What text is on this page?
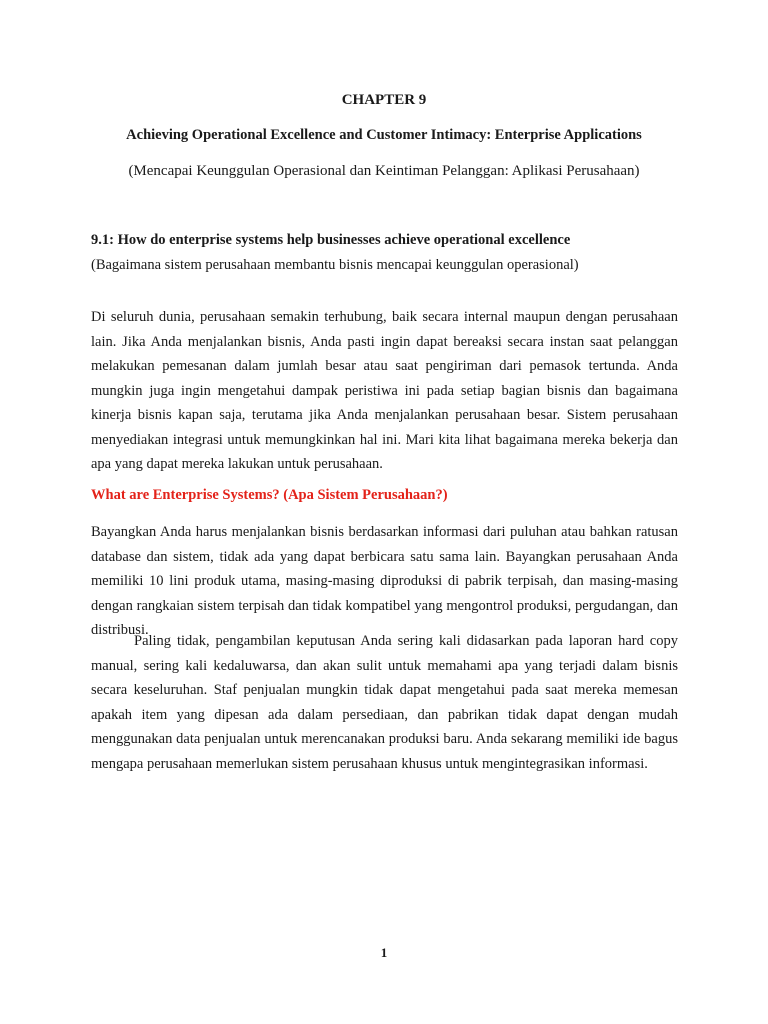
CHAPTER 9
Achieving Operational Excellence and Customer Intimacy: Enterprise Applications
(Mencapai Keunggulan Operasional dan Keintiman Pelanggan: Aplikasi Perusahaan)
9.1: How do enterprise systems help businesses achieve operational excellence
(Bagaimana sistem perusahaan membantu bisnis mencapai keunggulan operasional)
Di seluruh dunia, perusahaan semakin terhubung, baik secara internal maupun dengan perusahaan lain. Jika Anda menjalankan bisnis, Anda pasti ingin dapat bereaksi secara instan saat pelanggan melakukan pemesanan dalam jumlah besar atau saat pengiriman dari pemasok tertunda. Anda mungkin juga ingin mengetahui dampak peristiwa ini pada setiap bagian bisnis dan bagaimana kinerja bisnis kapan saja, terutama jika Anda menjalankan perusahaan besar. Sistem perusahaan menyediakan integrasi untuk memungkinkan hal ini. Mari kita lihat bagaimana mereka bekerja dan apa yang dapat mereka lakukan untuk perusahaan.
What are Enterprise Systems? (Apa Sistem Perusahaan?)
Bayangkan Anda harus menjalankan bisnis berdasarkan informasi dari puluhan atau bahkan ratusan database dan sistem, tidak ada yang dapat berbicara satu sama lain. Bayangkan perusahaan Anda memiliki 10 lini produk utama, masing-masing diproduksi di pabrik terpisah, dan masing-masing dengan rangkaian sistem terpisah dan tidak kompatibel yang mengontrol produksi, pergudangan, dan distribusi.
Paling tidak, pengambilan keputusan Anda sering kali didasarkan pada laporan hard copy manual, sering kali kedaluwarsa, dan akan sulit untuk memahami apa yang terjadi dalam bisnis secara keseluruhan. Staf penjualan mungkin tidak dapat mengetahui pada saat mereka memesan apakah item yang dipesan ada dalam persediaan, dan pabrikan tidak dapat dengan mudah menggunakan data penjualan untuk merencanakan produksi baru. Anda sekarang memiliki ide bagus mengapa perusahaan memerlukan sistem perusahaan khusus untuk mengintegrasikan informasi.
1
